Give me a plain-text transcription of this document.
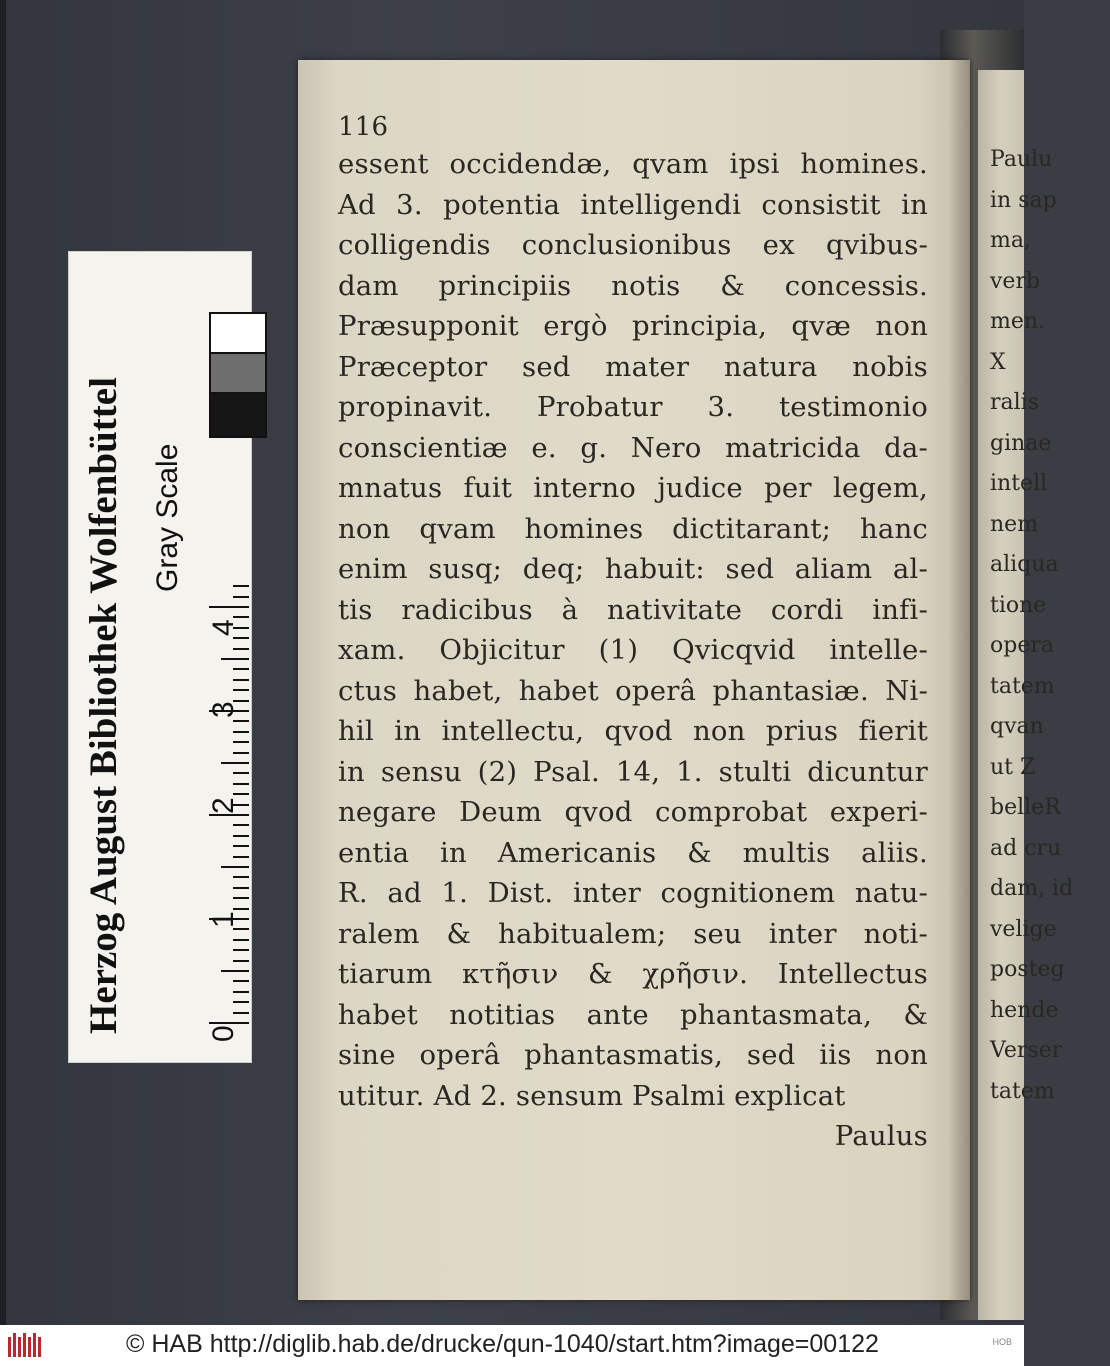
Paulu
in sap
ma,
verb
men.
X
ralis
ginae
intell
nem
aliqua
tione
opera
tatem
qvan
ut Z
belleR
ad cru
dam, id
velige
posteg
hende
Verser
tatem
116
essent occidendæ, qvam ipsi homines.
Ad 3. potentia intelligendi consistit in
colligendis conclusionibus ex qvibus-
dam principiis notis & concessis.
Præsupponit ergò principia, qvæ non
Præceptor sed mater natura nobis
propinavit. Probatur 3. testimonio
conscientiæ e. g. Nero matricida da-
mnatus fuit interno judice per legem,
non qvam homines dictitarant; hanc
enim susq; deq; habuit: sed aliam al-
tis radicibus à nativitate cordi infi-
xam. Objicitur (1) Qvicqvid intelle-
ctus habet, habet operâ phantasiæ. Ni-
hil in intellectu, qvod non prius fierit
in sensu (2) Psal. 14, 1. stulti dicuntur
negare Deum qvod comprobat experi-
entia in Americanis & multis aliis.
R. ad 1. Dist. inter cognitionem natu-
ralem & habitualem; seu inter noti-
tiarum κτῆσιν & χρῆσιν. Intellectus
habet notitias ante phantasmata, &
sine operâ phantasmatis, sed iis non
utitur. Ad 2. sensum Psalmi explicat
Paulus
Herzog August Bibliothek Wolfenbüttel Gray Scale
0
1
2
3
4
© HAB http://diglib.hab.de/drucke/qun-1040/start.htm?image=00122	HOB
